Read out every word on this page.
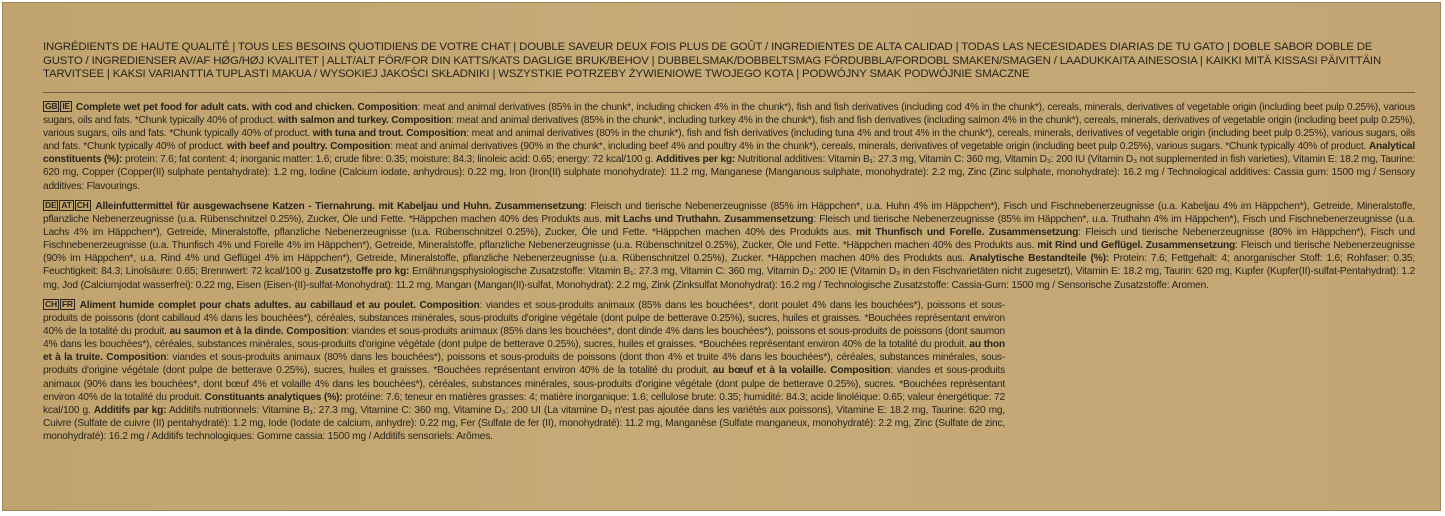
INGRÉDIENTS DE HAUTE QUALITÉ | TOUS LES BESOINS QUOTIDIENS DE VOTRE CHAT | DOUBLE SAVEUR DEUX FOIS PLUS DE GOÛT / INGREDIENTES DE ALTA CALIDAD | TODAS LAS NECESIDADES DIARIAS DE TU GATO | DOBLE SABOR DOBLE DE GUSTO / INGREDIENSER AV/AF HØG/HØJ KVALITET | ALLT/ALT FÖR/FOR DIN KATTS/KATS DAGLIGE BRUK/BEHOV | DUBBELSMAK/DOBBELTSMAG FÖRDUBBLA/FORDOBL SMAKEN/SMAGEN / LAADUKKAITA AINESOSIA | KAIKKI MITÄ KISSASI PÄIVITTÄIN TARVITSEE | KAKSI VARIANTTIA TUPLASTI MAKUA / WYSOKIEJ JAKOŚCI SKŁADNIKI | WSZYSTKIE POTRZEBY ŻYWIENIOWE TWOJEGO KOTA | PODWÓJNY SMAK PODWÓJNIE SMACZNE
GB IE Complete wet pet food for adult cats. with cod and chicken. Composition: meat and animal derivatives (85% in the chunk*, including chicken 4% in the chunk*), fish and fish derivatives (including cod 4% in the chunk*), cereals, minerals, derivatives of vegetable origin (including beet pulp 0.25%), various sugars, oils and fats. *Chunk typically 40% of product. with salmon and turkey. Composition: meat and animal derivatives (85% in the chunk*, including turkey 4% in the chunk*), fish and fish derivatives (including salmon 4% in the chunk*), cereals, minerals, derivatives of vegetable origin (including beet pulp 0.25%), various sugars, oils and fats. *Chunk typically 40% of product. with tuna and trout. Composition: meat and animal derivatives (80% in the chunk*), fish and fish derivatives (including tuna 4% and trout 4% in the chunk*), cereals, minerals, derivatives of vegetable origin (including beet pulp 0.25%), various sugars, oils and fats. *Chunk typically 40% of product. with beef and poultry. Composition: meat and animal derivatives (90% in the chunk*, including beef 4% and poultry 4% in the chunk*), cereals, minerals, derivatives of vegetable origin (including beet pulp 0.25%), various sugars. *Chunk typically 40% of product. Analytical constituents (%): protein: 7.6; fat content: 4; inorganic matter: 1.6; crude fibre: 0.35; moisture: 84.3; linoleic acid: 0.65; energy: 72 kcal/100 g. Additives per kg: Nutritional additives: Vitamin B₁: 27.3 mg, Vitamin C: 360 mg, Vitamin D₃: 200 IU (Vitamin D₃ not supplemented in fish varieties), Vitamin E: 18.2 mg, Taurine: 620 mg, Copper (Copper(II) sulphate pentahydrate): 1.2 mg, Iodine (Calcium iodate, anhydrous): 0.22 mg, Iron (Iron(II) sulphate monohydrate): 11.2 mg, Manganese (Manganous sulphate, monohydrate): 2.2 mg, Zinc (Zinc sulphate, monohydrate): 16.2 mg / Technological additives: Cassia gum: 1500 mg / Sensory additives: Flavourings.
DE AT CH Alleinfuttermittel für ausgewachsene Katzen - Tiernahrung. mit Kabeljau und Huhn. Zusammensetzung: Fleisch und tierische Nebenerzeugnisse (85% im Häppchen*, u.a. Huhn 4% im Häppchen*), Fisch und Fischnebenerzeugnisse (u.a. Kabeljau 4% im Häppchen*), Getreide, Mineralstoffe, pflanzliche Nebenerzeugnisse (u.a. Rübenschnitzel 0.25%), Zucker, Öle und Fette. *Häppchen machen 40% des Produkts aus. mit Lachs und Truthahn. Zusammensetzung: Fleisch und tierische Nebenerzeugnisse (85% im Häppchen*, u.a. Truthahn 4% im Häppchen*), Fisch und Fischnebenerzeugnisse (u.a. Lachs 4% im Häppchen*), Getreide, Mineralstoffe, pflanzliche Nebenerzeugnisse (u.a. Rübenschnitzel 0.25%), Zucker, Öle und Fette. *Häppchen machen 40% des Produkts aus. mit Thunfisch und Forelle. Zusammensetzung: Fleisch und tierische Nebenerzeugnisse (80% im Häppchen*), Fisch und Fischnebenerzeugnisse (u.a. Thunfisch 4% und Forelle 4% im Häppchen*), Getreide, Mineralstoffe, pflanzliche Nebenerzeugnisse (u.a. Rübenschnitzel 0.25%), Zucker, Öle und Fette. *Häppchen machen 40% des Produkts aus. mit Rind und Geflügel. Zusammensetzung: Fleisch und tierische Nebenerzeugnisse (90% im Häppchen*, u.a. Rind 4% und Geflügel 4% im Häppchen*), Getreide, Mineralstoffe, pflanzliche Nebenerzeugnisse (u.a. Rübenschnitzel 0.25%), Zucker. *Häppchen machen 40% des Produkts aus. Analytische Bestandteile (%): Protein: 7.6; Fettgehalt: 4; anorganischer Stoff: 1.6; Rohfaser: 0.35; Feuchtigkeit: 84.3; Linolsäure: 0.65; Brennwert: 72 kcal/100 g. Zusatzstoffe pro kg: Ernährungsphysiologische Zusatzstoffe: Vitamin B₁: 27.3 mg, Vitamin C: 360 mg, Vitamin D₃: 200 IE (Vitamin D₃ in den Fischvarietäten nicht zugesetzt), Vitamin E: 18.2 mg, Taurin: 620 mg, Kupfer (Kupfer(II)-sulfat-Pentahydrat): 1.2 mg, Jod (Calciumjodat wasserfrei): 0.22 mg, Eisen (Eisen-(II)-sulfat-Monohydrat): 11.2 mg, Mangan (Mangan(II)-sulfat, Monohydrat): 2.2 mg, Zink (Zinksulfat Monohydrat): 16.2 mg / Technologische Zusatzstoffe: Cassia-Gum: 1500 mg / Sensorische Zusatzstoffe: Aromen.
CH FR Aliment humide complet pour chats adultes. au cabillaud et au poulet. Composition: viandes et sous-produits animaux (85% dans les bouchées*, dont poulet 4% dans les bouchées*), poissons et sous-produits de poissons (dont cabillaud 4% dans les bouchées*), céréales, substances minérales, sous-produits d'origine végétale (dont pulpe de betterave 0.25%), sucres, huiles et graisses. *Bouchées représentant environ 40% de la totalité du produit. au saumon et à la dinde. Composition: viandes et sous-produits animaux (85% dans les bouchées*, dont dinde 4% dans les bouchées*), poissons et sous-produits de poissons (dont saumon 4% dans les bouchées*), céréales, substances minérales, sous-produits d'origine végétale (dont pulpe de betterave 0.25%), sucres, huiles et graisses. *Bouchées représentant environ 40% de la totalité du produit. au thon et à la truite. Composition: viandes et sous-produits animaux (80% dans les bouchées*), poissons et sous-produits de poissons (dont thon 4% et truite 4% dans les bouchées*), céréales, substances minérales, sous-produits d'origine végétale (dont pulpe de betterave 0.25%), sucres, huiles et graisses. *Bouchées représentant environ 40% de la totalité du produit. au bœuf et à la volaille. Composition: viandes et sous-produits animaux (90% dans les bouchées*, dont bœuf 4% et volaille 4% dans les bouchées*), céréales, substances minérales, sous-produits d'origine végétale (dont pulpe de betterave 0.25%), sucres. *Bouchées représentant environ 40% de la totalité du produit. Constituants analytiques (%): protéine: 7.6; teneur en matières grasses: 4; matière inorganique: 1.6; cellulose brute: 0.35; humidité: 84.3; acide linoléique: 0.65; valeur énergétique: 72 kcal/100 g. Additifs par kg: Additifs nutritionnels: Vitamine B₁: 27.3 mg, Vitamine C: 360 mg, Vitamine D₃: 200 UI (La vitamine D₃ n'est pas ajoutée dans les variétés aux poissons), Vitamine E: 18.2 mg, Taurine: 620 mg, Cuivre (Sulfate de cuivre (II) pentahydraté): 1.2 mg, Iode (Iodate de calcium, anhydre): 0.22 mg, Fer (Sulfate de fer (II), monohydraté): 11.2 mg, Manganèse (Sulfate manganeux, monohydraté): 2.2 mg, Zinc (Sulfate de zinc, monohydraté): 16.2 mg / Additifs technologiques: Gomme cassia: 1500 mg / Additifs sensoriels: Arômes.
